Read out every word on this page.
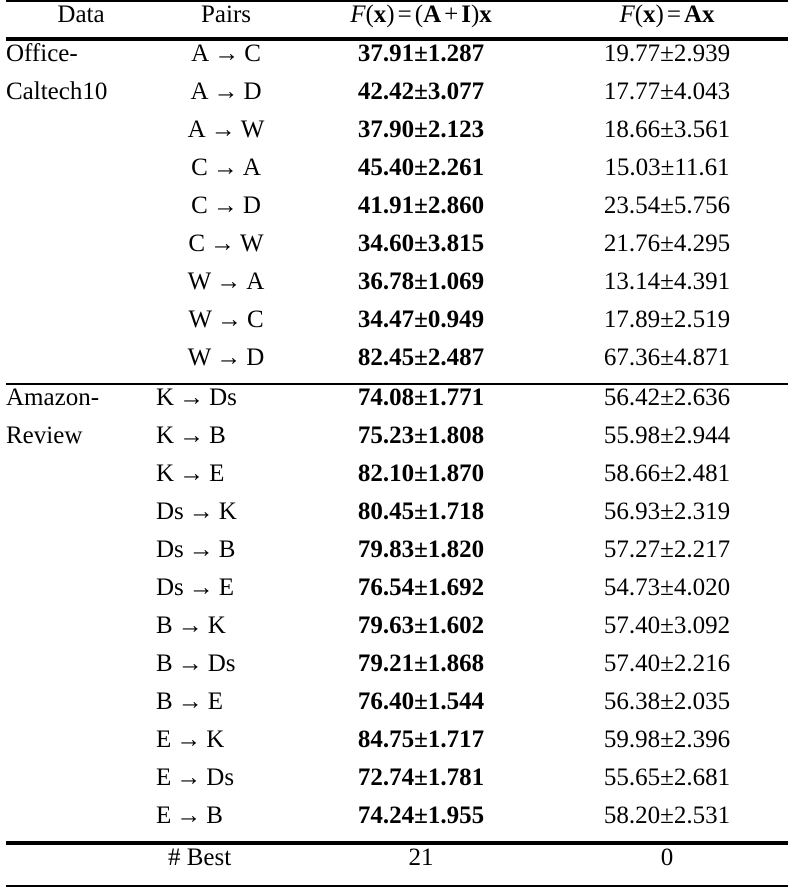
Data	Pairs	F(x) = (A + I)x	F(x) = Ax

Office-	A → C	37.91±1.287	19.77±2.939
Caltech10	A → D	42.42±3.077	17.77±4.043
	A → W	37.90±2.123	18.66±3.561
	C → A	45.40±2.261	15.03±11.61
	C → D	41.91±2.860	23.54±5.756
	C → W	34.60±3.815	21.76±4.295
	W → A	36.78±1.069	13.14±4.391
	W → C	34.47±0.949	17.89±2.519
	W → D	82.45±2.487	67.36±4.871

Amazon-	K → Ds	74.08±1.771	56.42±2.636
Review	K → B	75.23±1.808	55.98±2.944
	K → E	82.10±1.870	58.66±2.481
	Ds → K	80.45±1.718	56.93±2.319
	Ds → B	79.83±1.820	57.27±2.217
	Ds → E	76.54±1.692	54.73±4.020
	B → K	79.63±1.602	57.40±3.092
	B → Ds	79.21±1.868	57.40±2.216
	B → E	76.40±1.544	56.38±2.035
	E → K	84.75±1.717	59.98±2.396
	E → Ds	72.74±1.781	55.65±2.681
	E → B	74.24±1.955	58.20±2.531

	# Best	21	0
